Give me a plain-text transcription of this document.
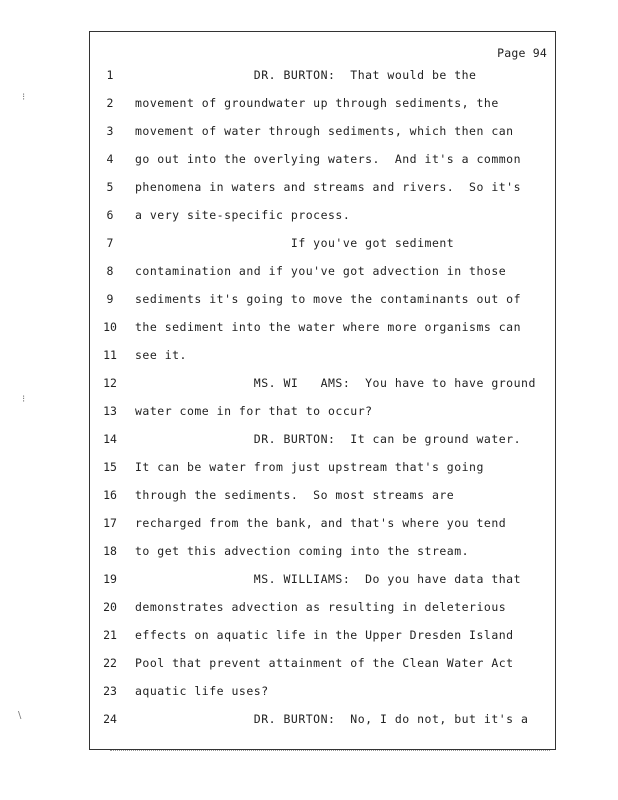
Page 94
1	DR. BURTON:  That would be the
2	movement of groundwater up through sediments, the
3	movement of water through sediments, which then can
4	go out into the overlying waters.  And it's a common
5	phenomena in waters and streams and rivers.  So it's
6	a very site-specific process.
7	If you've got sediment
8	contamination and if you've got advection in those
9	sediments it's going to move the contaminants out of
10 the sediment into the water where more organisms can
11 see it.
12 MS. WI   AMS:  You have to have ground
13 water come in for that to occur?
14 DR. BURTON:  It can be ground water.
15 It can be water from just upstream that's going
16 through the sediments.  So most streams are
17 recharged from the bank, and that's where you tend
18 to get this advection coming into the stream.
19 MS. WILLIAMS:  Do you have data that
20 demonstrates advection as resulting in deleterious
21 effects on aquatic life in the Upper Dresden Island
22 Pool that prevent attainment of the Clean Water Act
23 aquatic life uses?
24 DR. BURTON:  No, I do not, but it's a
⁝
⁝
\
